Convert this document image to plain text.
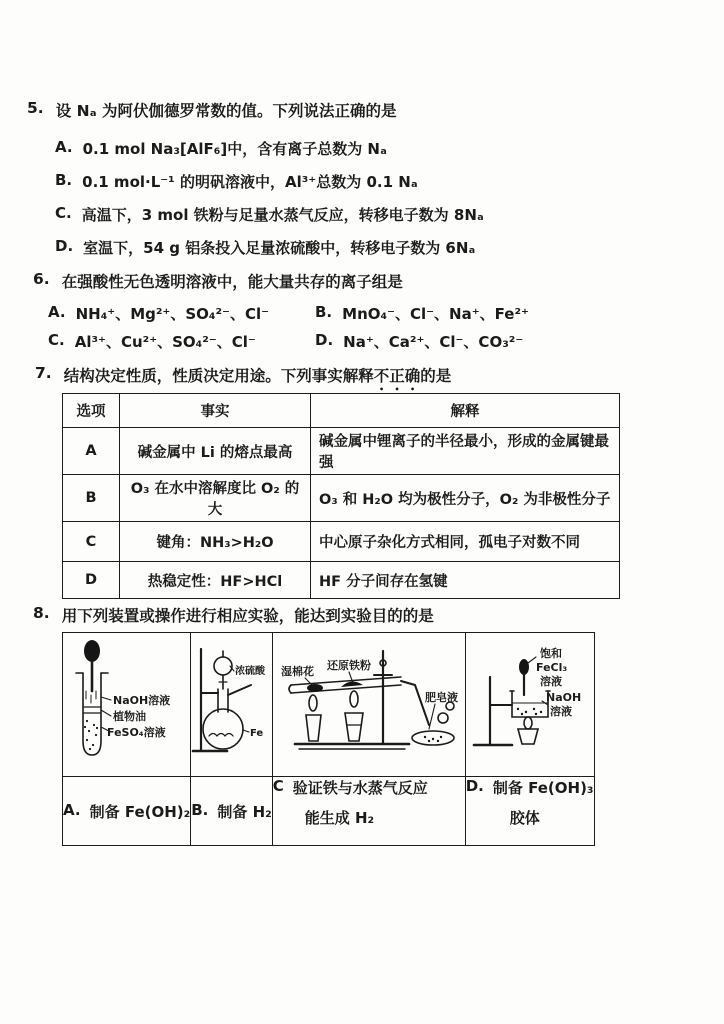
5. 设 Nₐ 为阿伏伽德罗常数的值。下列说法正确的是
A. 0.1 mol Na₃[AlF₆]中，含有离子总数为 Nₐ
B. 0.1 mol·L⁻¹ 的明矾溶液中，Al³⁺总数为 0.1 Nₐ
C. 高温下，3 mol 铁粉与足量水蒸气反应，转移电子数为 8Nₐ
D. 室温下，54 g 铝条投入足量浓硫酸中，转移电子数为 6Nₐ
6. 在强酸性无色透明溶液中，能大量共存的离子组是
A. NH₄⁺、Mg²⁺、SO₄²⁻、Cl⁻	B. MnO₄⁻、Cl⁻、Na⁺、Fe²⁺
C. Al³⁺、Cu²⁺、SO₄²⁻、Cl⁻	D. Na⁺、Ca²⁺、Cl⁻、CO₃²⁻
7. 结构决定性质，性质决定用途。下列事实解释不正确的是
选项	事实	解释
A	碱金属中 Li 的熔点最高	碱金属中锂离子的半径最小，形成的金属键最强
B	O₃ 在水中溶解度比 O₂ 的大	O₃ 和 H₂O 均为极性分子，O₂ 为非极性分子
C	键角：NH₃>H₂O	中心原子杂化方式相同，孤电子对数不同
D	热稳定性：HF>HCl	HF 分子间存在氢键
8. 用下列装置或操作进行相应实验，能达到实验目的的是
NaOH溶液
植物油
FeSO₄溶液	浓硫酸
Fe	湿棉花 还原铁粉
肥皂液	饱和
FeCl₃
溶液
NaOH
溶液

A. 制备 Fe(OH)₂	B. 制备 H₂

C 验证铁与水蒸气反应
能生成 H₂

D. 制备 Fe(OH)₃
胶体
